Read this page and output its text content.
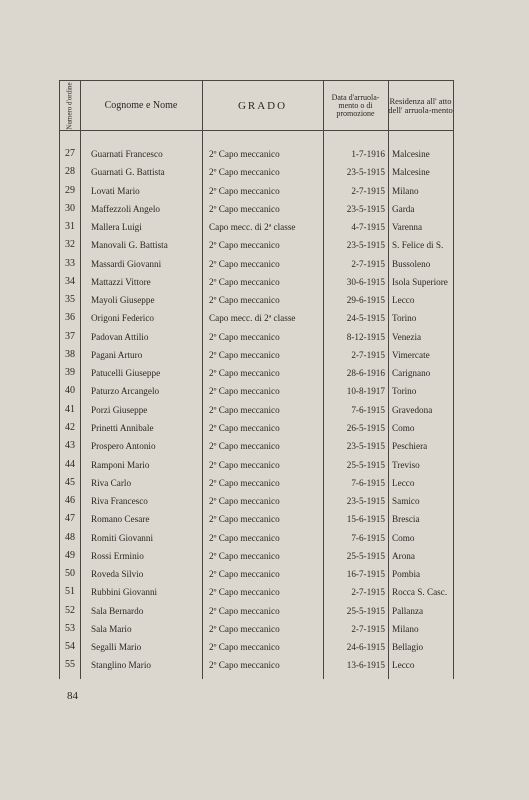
Numero d'ordine	Cognome e Nome	GRADO
Data d'arruola-mento o di promozione
Residenza all' atto dell' arruola-mento
27	Guarnati Francesco	2º Capo meccanico	1-7-1916 Malcesine
28	Guarnati G. Battista	2º Capo meccanico	23-5-1915 Malcesine
29	Lovati Mario	2º Capo meccanico	2-7-1915 Milano
30	Maffezzoli Angelo	2º Capo meccanico	23-5-1915 Garda
31	Mallera Luigi	Capo mecc. di 2ª classe	4-7-1915 Varenna
32	Manovali G. Battista	2º Capo meccanico	23-5-1915 S. Felice di S.
33	Massardi Giovanni	2º Capo meccanico	2-7-1915 Bussoleno
34	Mattazzi Vittore	2º Capo meccanico	30-6-1915 Isola Superiore
35	Mayoli Giuseppe	2º Capo meccanico	29-6-1915 Lecco
36	Origoni Federico	Capo mecc. di 2ª classe	24-5-1915 Torino
37	Padovan Attilio	2º Capo meccanico	8-12-1915 Venezia
38	Pagani Arturo	2º Capo meccanico	2-7-1915 Vimercate
39	Patucelli Giuseppe	2º Capo meccanico	28-6-1916 Carignano
40	Paturzo Arcangelo	2º Capo meccanico	10-8-1917 Torino
41	Porzi Giuseppe	2º Capo meccanico	7-6-1915 Gravedona
42	Prinetti Annibale	2º Capo meccanico	26-5-1915 Como
43	Prospero Antonio	2º Capo meccanico	23-5-1915 Peschiera
44	Ramponi Mario	2º Capo meccanico	25-5-1915 Treviso
45	Riva Carlo	2º Capo meccanico	7-6-1915 Lecco
46	Riva Francesco	2º Capo meccanico	23-5-1915 Samico
47	Romano Cesare	2º Capo meccanico	15-6-1915 Brescia
48	Romiti Giovanni	2º Capo meccanico	7-6-1915 Como
49	Rossi Erminio	2º Capo meccanico	25-5-1915 Arona
50	Roveda Silvio	2º Capo meccanico	16-7-1915 Pombia
51	Rubbini Giovanni	2º Capo meccanico	2-7-1915 Rocca S. Casc.
52	Sala Bernardo	2º Capo meccanico	25-5-1915 Pallanza
53	Sala Mario	2º Capo meccanico	2-7-1915 Milano
54	Segalli Mario	2º Capo meccanico	24-6-1915 Bellagio
55	Stanglino Mario	2º Capo meccanico	13-6-1915 Lecco
84
